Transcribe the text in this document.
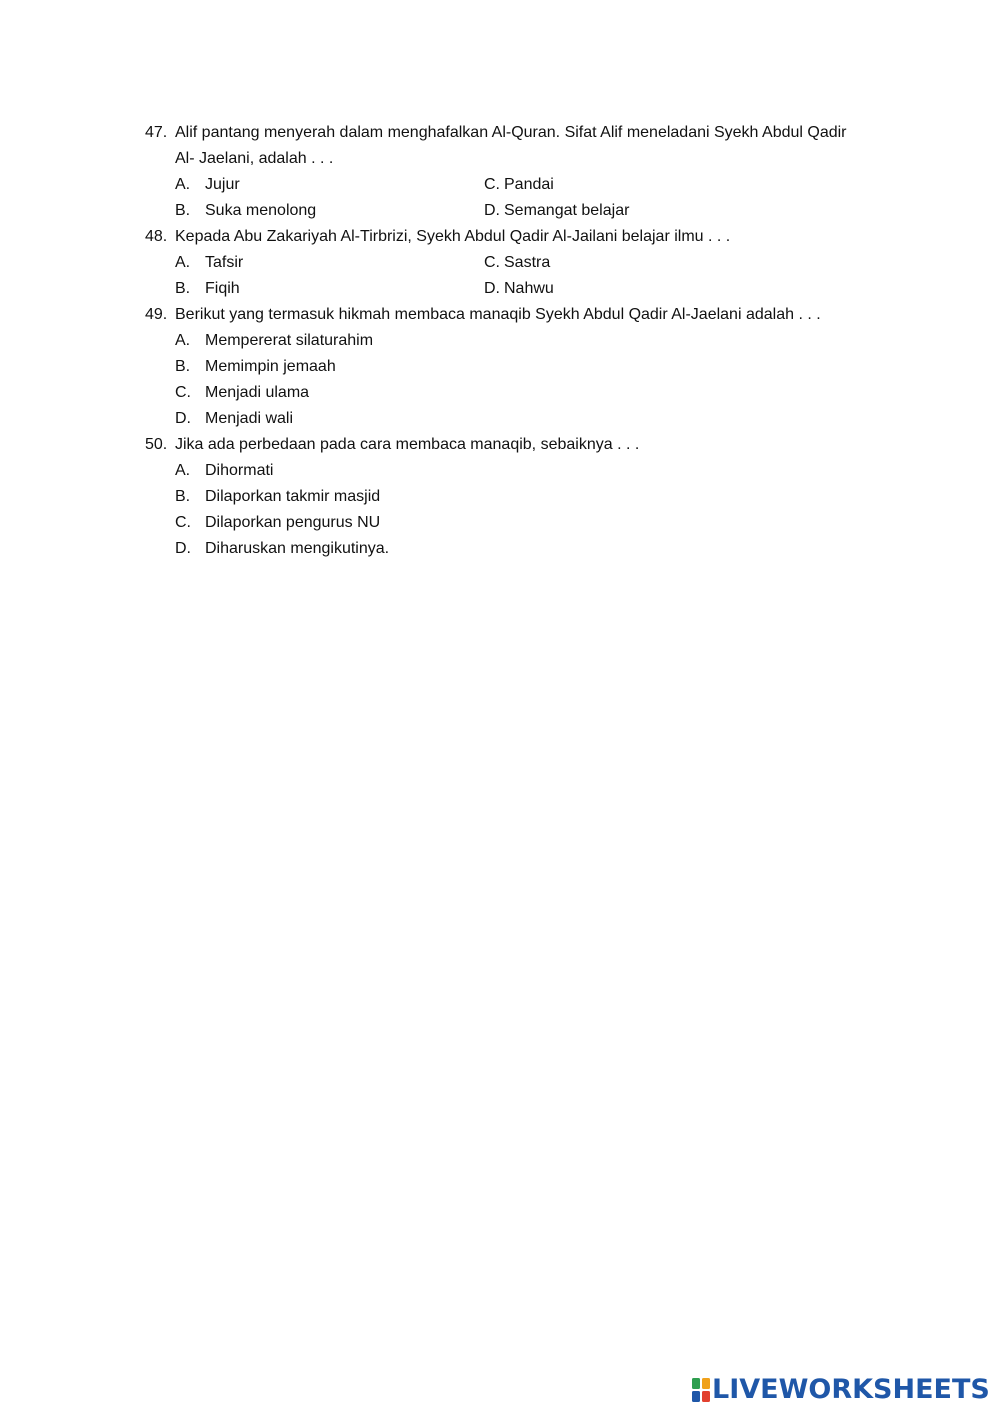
47. Alif pantang menyerah dalam menghafalkan Al-Quran. Sifat Alif meneladani Syekh Abdul Qadir Al- Jaelani, adalah . . .
A. Jujur	C. Pandai
B. Suka menolong	D. Semangat belajar
48. Kepada Abu Zakariyah Al-Tirbrizi, Syekh Abdul Qadir Al-Jailani belajar ilmu . . .
A. Tafsir	C. Sastra
B. Fiqih	D. Nahwu
49. Berikut yang termasuk hikmah membaca manaqib Syekh Abdul Qadir Al-Jaelani adalah . . .
A. Mempererat silaturahim
B. Memimpin jemaah
C. Menjadi ulama
D. Menjadi wali
50. Jika ada perbedaan pada cara membaca manaqib, sebaiknya . . .
A. Dihormati
B. Dilaporkan takmir masjid
C. Dilaporkan pengurus NU
D. Diharuskan mengikutinya.
LIVEWORKSHEETS
